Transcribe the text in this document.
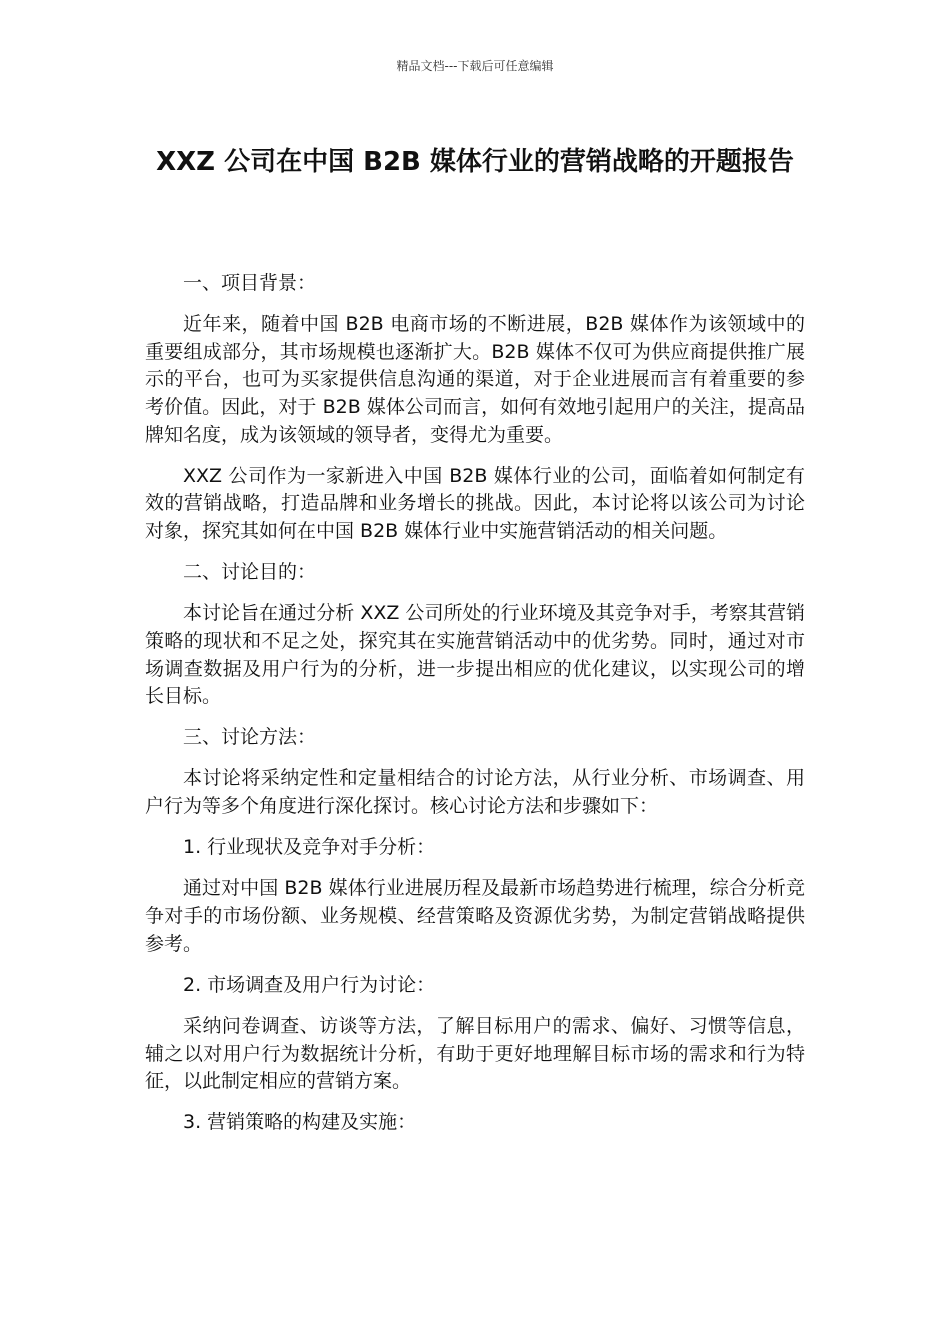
精品文档---下载后可任意编辑
XXZ 公司在中国 B2B 媒体行业的营销战略的开题报告

一、项目背景：

近年来，随着中国 B2B 电商市场的不断进展，B2B 媒体作为该领域中的重要组成部分，其市场规模也逐渐扩大。B2B 媒体不仅可为供应商提供推广展示的平台，也可为买家提供信息沟通的渠道，对于企业进展而言有着重要的参考价值。因此，对于 B2B 媒体公司而言，如何有效地引起用户的关注，提高品牌知名度，成为该领域的领导者，变得尤为重要。

XXZ 公司作为一家新进入中国 B2B 媒体行业的公司，面临着如何制定有效的营销战略，打造品牌和业务增长的挑战。因此，本讨论将以该公司为讨论对象，探究其如何在中国 B2B 媒体行业中实施营销活动的相关问题。

二、讨论目的：

本讨论旨在通过分析 XXZ 公司所处的行业环境及其竞争对手，考察其营销策略的现状和不足之处，探究其在实施营销活动中的优劣势。同时，通过对市场调查数据及用户行为的分析，进一步提出相应的优化建议，以实现公司的增长目标。

三、讨论方法：

本讨论将采纳定性和定量相结合的讨论方法，从行业分析、市场调查、用户行为等多个角度进行深化探讨。核心讨论方法和步骤如下：

1. 行业现状及竞争对手分析：

通过对中国 B2B 媒体行业进展历程及最新市场趋势进行梳理，综合分析竞争对手的市场份额、业务规模、经营策略及资源优劣势，为制定营销战略提供参考。

2. 市场调查及用户行为讨论：

采纳问卷调查、访谈等方法，了解目标用户的需求、偏好、习惯等信息，辅之以对用户行为数据统计分析，有助于更好地理解目标市场的需求和行为特征，以此制定相应的营销方案。

3. 营销策略的构建及实施：
